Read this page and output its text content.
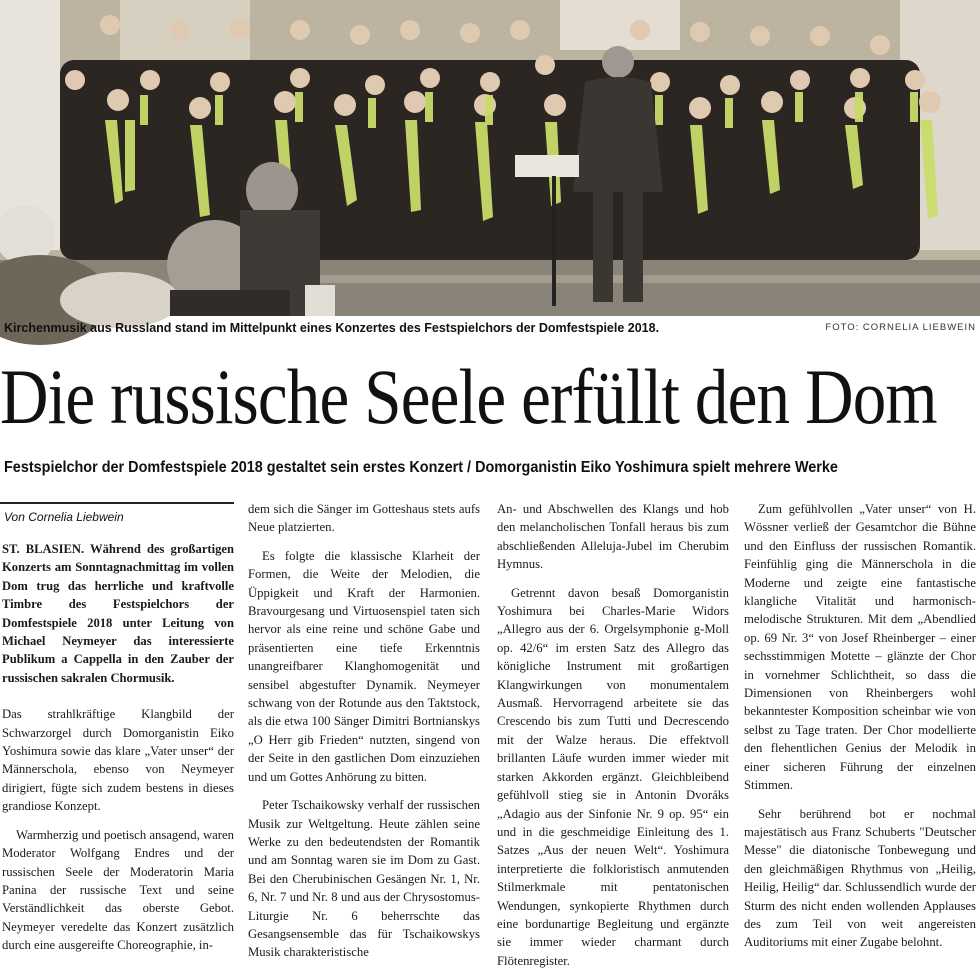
Kirchenmusik aus Russland stand im Mittelpunkt eines Konzertes des Festspielchors der Domfestspiele 2018.	FOTO: CORNELIA LIEBWEIN
Die russische Seele erfüllt den Dom
Festspielchor der Domfestspiele 2018 gestaltet sein erstes Konzert / Domorganistin Eiko Yoshimura spielt mehrere Werke

Von Cornelia Liebwein

ST. BLASIEN. Während des großartigen Konzerts am Sonntagnachmittag im vollen Dom trug das herrliche und kraftvolle Timbre des Festspielchors der Domfestspiele 2018 unter Leitung von Michael Neymeyer das interessierte Publikum a Cappella in den Zauber der russischen sakralen Chormusik.

Das strahlkräftige Klangbild der Schwarzorgel durch Domorganistin Eiko Yoshimura sowie das klare „Vater unser“ der Männerschola, ebenso von Neymeyer dirigiert, fügte sich zudem bestens in dieses grandiose Konzept.

Warmherzig und poetisch ansagend, waren Moderator Wolfgang Endres und der russischen Seele der Moderatorin Maria Panina der russische Text und seine Verständlichkeit das oberste Gebot. Neymeyer veredelte das Konzert zusätzlich durch eine ausgereifte Choreographie, in-

dem sich die Sänger im Gotteshaus stets aufs Neue platzierten.

Es folgte die klassische Klarheit der Formen, die Weite der Melodien, die Üppigkeit und Kraft der Harmonien. Bravourgesang und Virtuosenspiel taten sich hervor als eine reine und schöne Gabe und präsentierten eine tiefe Erkenntnis unangreifbarer Klanghomogenität und sensibel abgestufter Dynamik. Neymeyer schwang von der Rotunde aus den Taktstock, als die etwa 100 Sänger Dimitri Bortnianskys „O Herr gib Frieden“ nutzten, singend von der Seite in den gastlichen Dom einzuziehen und um Gottes Anhörung zu bitten.

Peter Tschaikowsky verhalf der russischen Musik zur Weltgeltung. Heute zählen seine Werke zu den bedeutendsten der Romantik und am Sonntag waren sie im Dom zu Gast. Bei den Cherubinischen Gesängen Nr. 1, Nr. 6, Nr. 7 und Nr. 8 und aus der Chrysostomus-Liturgie Nr. 6 beherrschte das Gesangsensemble das für Tschaikowskys Musik charakteristische

An- und Abschwellen des Klangs und hob den melancholischen Tonfall heraus bis zum abschließenden Alleluja-Jubel im Cherubim Hymnus.

Getrennt davon besaß Domorganistin Yoshimura bei Charles-Marie Widors „Allegro aus der 6. Orgelsymphonie g-Moll op. 42/6“ im ersten Satz des Allegro das königliche Instrument mit großartigen Klangwirkungen von monumentalem Ausmaß. Hervorragend arbeitete sie das Crescendo bis zum Tutti und Decrescendo mit der Walze heraus. Die effektvoll brillanten Läufe wurden immer wieder mit starken Akkorden ergänzt. Gleichbleibend gefühlvoll stieg sie in Antonin Dvoráks „Adagio aus der Sinfonie Nr. 9 op. 95“ ein und in die geschmeidige Einleitung des 1. Satzes „Aus der neuen Welt“. Yoshimura interpretierte die folkloristisch anmutenden Stilmerkmale mit pentatonischen Wendungen, synkopierte Rhythmen durch eine bordunartige Begleitung und ergänzte sie immer wieder charmant durch Flötenregister.

Zum gefühlvollen „Vater unser“ von H. Wössner verließ der Gesamtchor die Bühne und den Einfluss der russischen Romantik. Feinfühlig ging die Männerschola in die Moderne und zeigte eine fantastische klangliche Vitalität und harmonisch-melodische Strukturen. Mit dem „Abendlied op. 69 Nr. 3“ von Josef Rheinberger – einer sechsstimmigen Motette – glänzte der Chor in vornehmer Schlichtheit, so dass die Dimensionen von Rheinbergers wohl bekanntester Komposition scheinbar wie von selbst zu Tage traten. Der Chor modellierte den flehentlichen Genius der Melodik in einer sicheren Führung der einzelnen Stimmen.

Sehr berührend bot er nochmal majestätisch aus Franz Schuberts "Deutscher Messe" die diatonische Tonbewegung und den gleichmäßigen Rhythmus von „Heilig, Heilig, Heilig“ dar. Schlussendlich wurde der Sturm des nicht enden wollenden Applauses des zum Teil von weit angereisten Auditoriums mit einer Zugabe belohnt.
